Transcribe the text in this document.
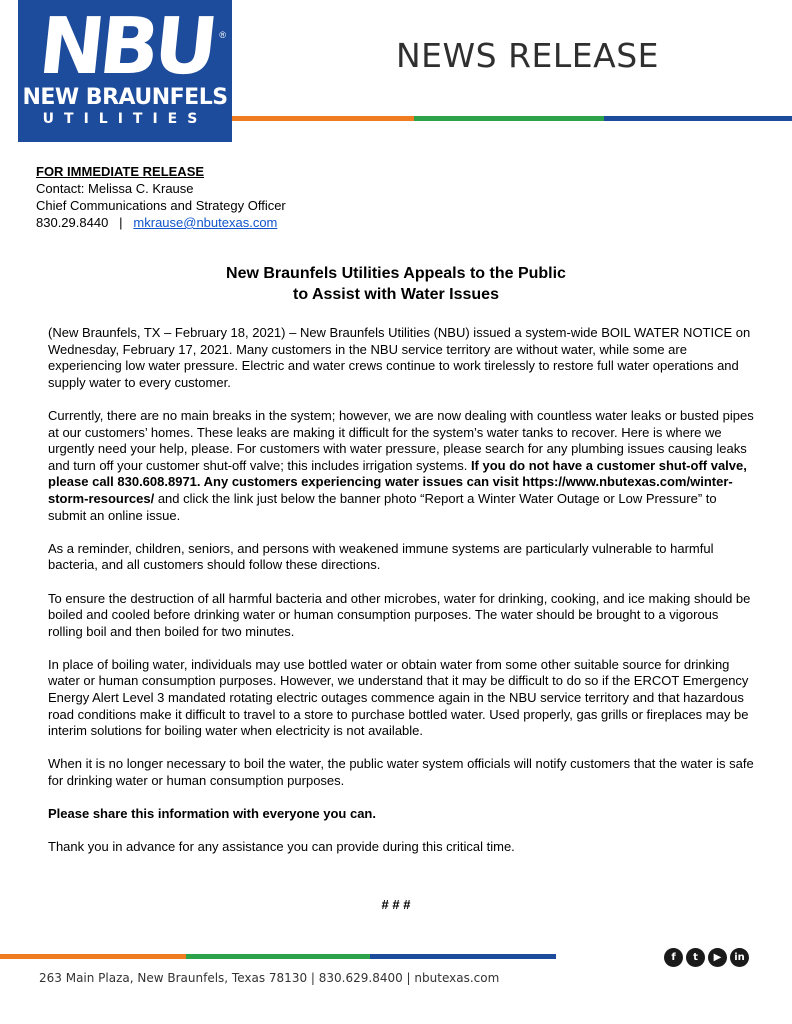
NBU ®
NEW BRAUNFELS
UTILITIES
NEWS RELEASE
FOR IMMEDIATE RELEASE
Contact: Melissa C. Krause
Chief Communications and Strategy Officer
830.29.8440 | mkrause@nbutexas.com
New Braunfels Utilities Appeals to the Public
to Assist with Water Issues

(New Braunfels, TX – February 18, 2021) – New Braunfels Utilities (NBU) issued a system-wide BOIL WATER NOTICE on Wednesday, February 17, 2021. Many customers in the NBU service territory are without water, while some are experiencing low water pressure. Electric and water crews continue to work tirelessly to restore full water operations and supply water to every customer.

Currently, there are no main breaks in the system; however, we are now dealing with countless water leaks or busted pipes at our customers’ homes. These leaks are making it difficult for the system’s water tanks to recover. Here is where we urgently need your help, please. For customers with water pressure, please search for any plumbing issues causing leaks and turn off your customer shut-off valve; this includes irrigation systems. If you do not have a customer shut-off valve, please call 830.608.8971. Any customers experiencing water issues can visit https://www.nbutexas.com/winter-storm-resources/ and click the link just below the banner photo “Report a Winter Water Outage or Low Pressure” to submit an online issue.

As a reminder, children, seniors, and persons with weakened immune systems are particularly vulnerable to harmful bacteria, and all customers should follow these directions.

To ensure the destruction of all harmful bacteria and other microbes, water for drinking, cooking, and ice making should be boiled and cooled before drinking water or human consumption purposes. The water should be brought to a vigorous rolling boil and then boiled for two minutes.

In place of boiling water, individuals may use bottled water or obtain water from some other suitable source for drinking water or human consumption purposes. However, we understand that it may be difficult to do so if the ERCOT Emergency Energy Alert Level 3 mandated rotating electric outages commence again in the NBU service territory and that hazardous road conditions make it difficult to travel to a store to purchase bottled water. Used properly, gas grills or fireplaces may be interim solutions for boiling water when electricity is not available.

When it is no longer necessary to boil the water, the public water system officials will notify customers that the water is safe for drinking water or human consumption purposes.

Please share this information with everyone you can.

Thank you in advance for any assistance you can provide during this critical time.

# # #
f	t	▶	in
263 Main Plaza, New Braunfels, Texas 78130 | 830.629.8400 | nbutexas.com
